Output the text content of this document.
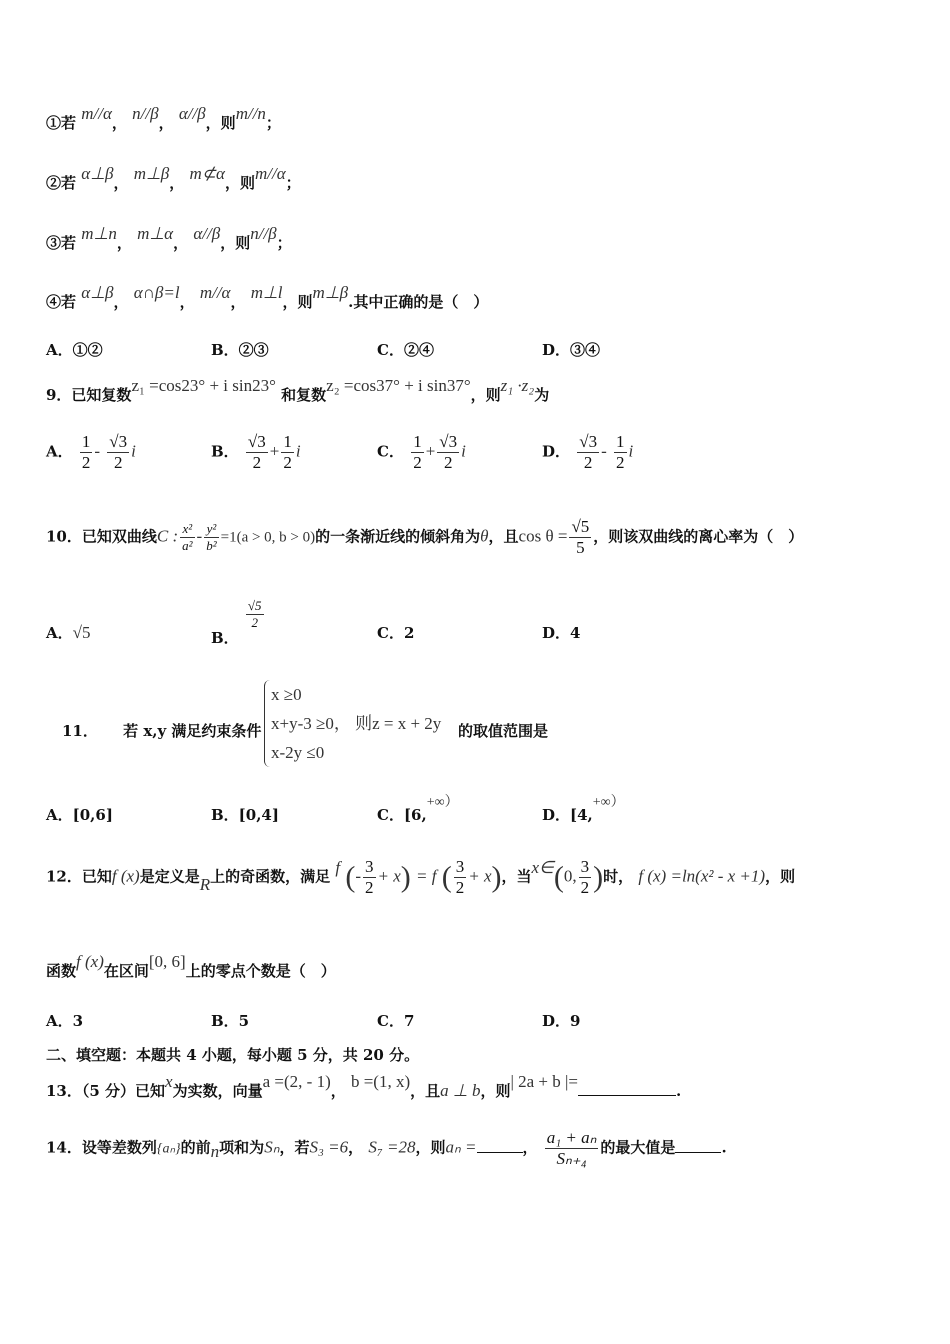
①若 m//α， n//β， α//β，则m//n；
②若 α⊥β， m⊥β， m⊄α，则m//α；
③若 m⊥n， m⊥α， α//β，则n//β；
④若 α⊥β， α∩β=l， m//α， m⊥l，则m⊥β.其中正确的是（　）
A．①②	B．②③	C．②④	D．③④
9．已知复数z₁ =cos23° + i sin23° 和复数z₂ =cos37° + i sin37°，则z₁ ·z₂为
A． $\frac{1}{2} - \frac{√3}{2}$ i	B． $\frac{√3}{2} + \frac{1}{2}$ i	C． $\frac{1}{2} + \frac{√3}{2}$ i	D． $\frac{√3}{2} - \frac{1}{2}$ i
10．已知双曲线C : $\frac{\text{x²}}{\text{a²}} - \frac{\text{y²}}{\text{b²}} =1(a > 0$, b > 0)的一条渐近线的倾斜角为θ，且$\cos \theta = \frac{√5}{5}$ ，则该双曲线的离心率为（　）
A．√5	B．
$\frac{√5}{2}$
C．2	D．4
11． 若 x,y 满足约束条件
x ≥0
x+y-3 ≥0， 则z = x + 2y
x-2y ≤0
的取值范围是
A．[0,6]	B．[0,4]	C．[6,+∞）
D．[4,+∞）
12．已知f (x)是定义是R上的奇函数，满足 f (- $\frac{3}{2} + x) = f$ ( $\frac{3}{2} + x$)，当x∈(0, $\frac{3}{2}$ )时， f (x) =ln(x² - x +1)，则
函数f (x)在区间[0, 6]上的零点个数是（　）
A．3	B．5	C．7	D．9
二、填空题：本题共 4 小题，每小题 5 分，共 20 分。
13．（5 分）已知x为实数，向量a =(2, - 1)， b =(1, x)，且a ⊥ b，则| 2a + b |=	.
14．设等差数列{aₙ}的前n项和为Sₙ，若S₃ =6， S₇ =28，则aₙ =	， $\frac{\text{a₁ + aₙ}}{\text{Sₙ₊₄}}$ 的最大值是	.
